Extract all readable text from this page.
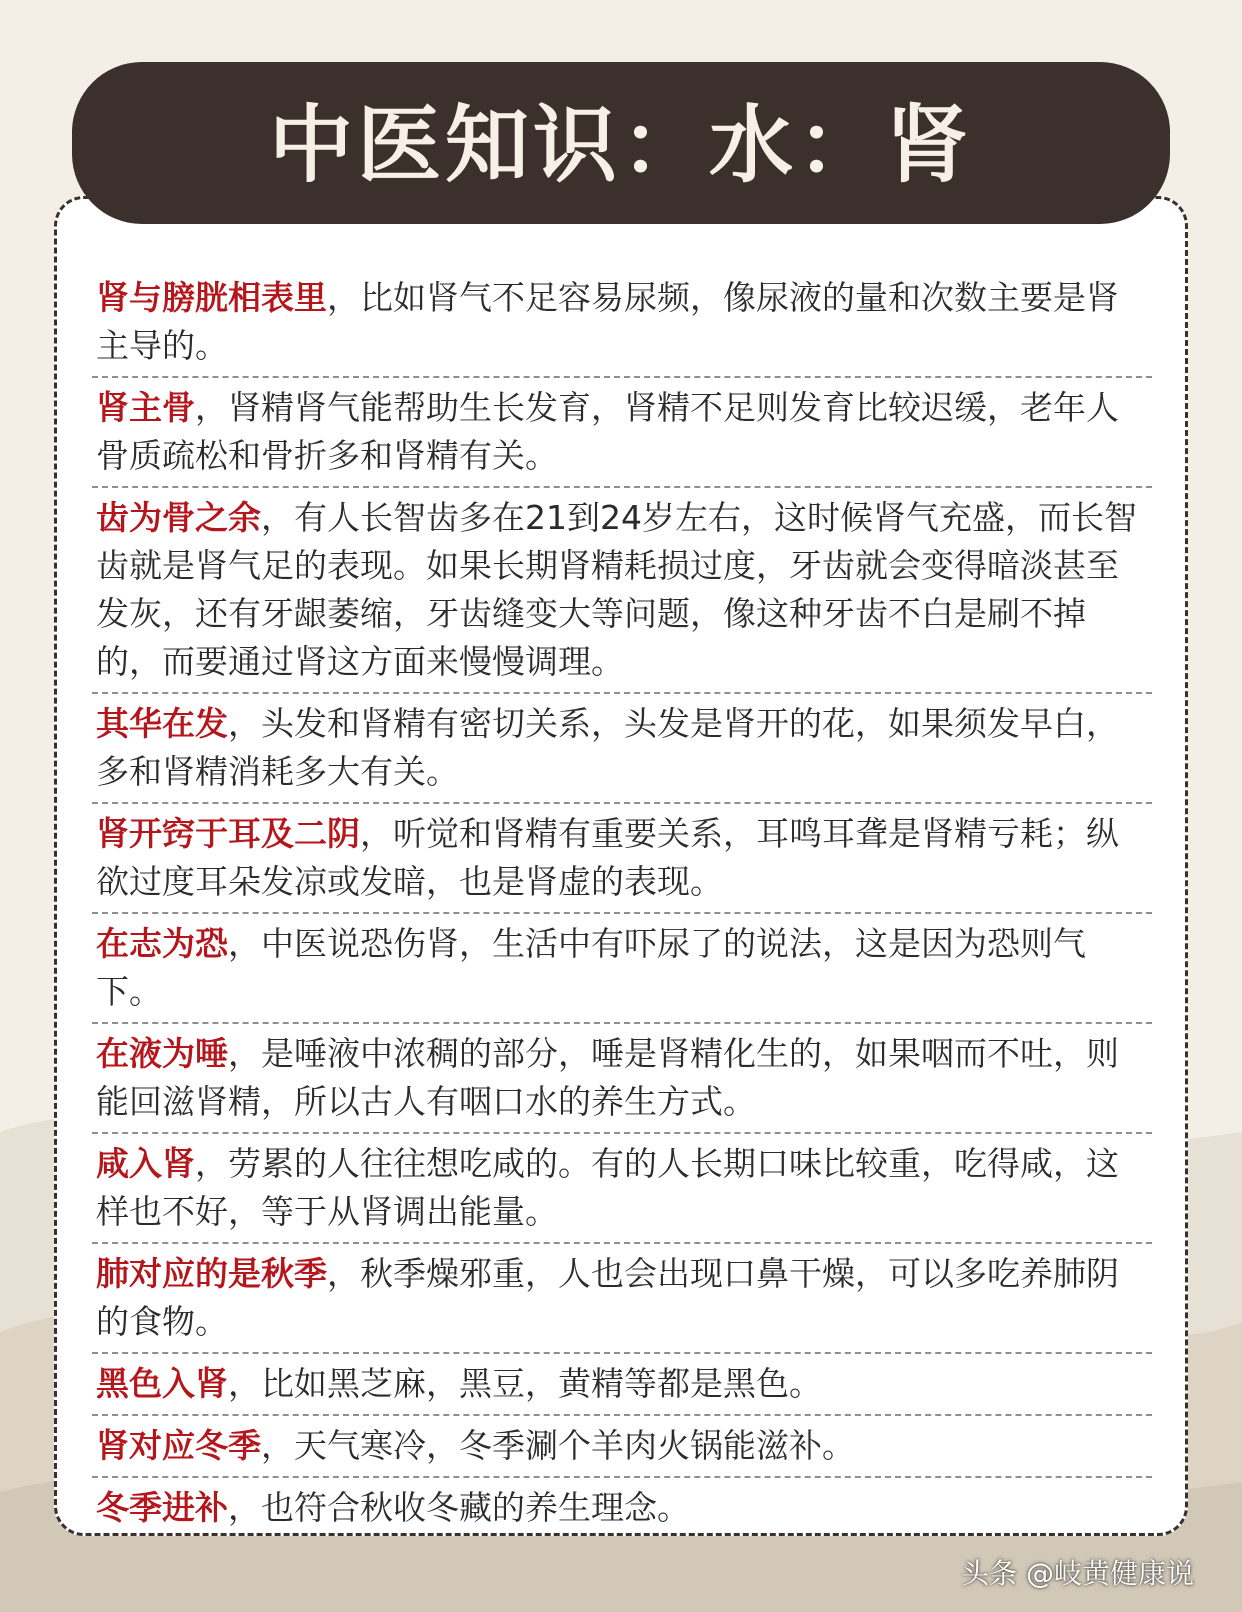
中医知识：水：肾
肾与膀胱相表里，比如肾气不足容易尿频，像尿液的量和次数主要是肾主导的。
肾主骨，肾精肾气能帮助生长发育，肾精不足则发育比较迟缓，老年人骨质疏松和骨折多和肾精有关。
齿为骨之余，有人长智齿多在21到24岁左右，这时候肾气充盛，而长智齿就是肾气足的表现。如果长期肾精耗损过度，牙齿就会变得暗淡甚至发灰，还有牙龈萎缩，牙齿缝变大等问题，像这种牙齿不白是刷不掉的，而要通过肾这方面来慢慢调理。
其华在发，头发和肾精有密切关系，头发是肾开的花，如果须发早白，多和肾精消耗多大有关。
肾开窍于耳及二阴，听觉和肾精有重要关系，耳鸣耳聋是肾精亏耗；纵欲过度耳朵发凉或发暗，也是肾虚的表现。
在志为恐，中医说恐伤肾，生活中有吓尿了的说法，这是因为恐则气下。
在液为唾，是唾液中浓稠的部分，唾是肾精化生的，如果咽而不吐，则能回滋肾精，所以古人有咽口水的养生方式。
咸入肾，劳累的人往往想吃咸的。有的人长期口味比较重，吃得咸，这样也不好，等于从肾调出能量。
肺对应的是秋季，秋季燥邪重，人也会出现口鼻干燥，可以多吃养肺阴的食物。
黑色入肾，比如黑芝麻，黑豆，黄精等都是黑色。
肾对应冬季，天气寒冷，冬季涮个羊肉火锅能滋补。
冬季进补，也符合秋收冬藏的养生理念。
头条 @岐黄健康说
